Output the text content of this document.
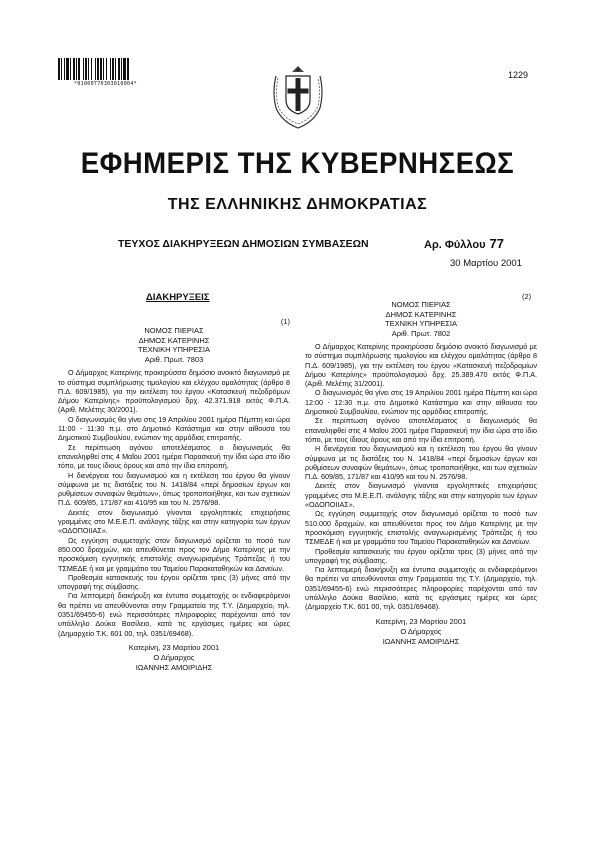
*01000770303010004*
1229
ΕΦΗΜΕΡΙΣ ΤΗΣ ΚΥΒΕΡΝΗΣΕΩΣ
ΤΗΣ ΕΛΛΗΝΙΚΗΣ ΔΗΜΟΚΡΑΤΙΑΣ
ΤΕΥΧΟΣ ΔΙΑΚΗΡΥΞΕΩΝ ΔΗΜΟΣΙΩΝ ΣΥΜΒΑΣΕΩΝ	Αρ. Φύλλου 77
30 Μαρτίου 2001
ΔΙΑΚΗΡΥΞΕΙΣ
(1)
ΝΟΜΟΣ ΠΙΕΡΙΑΣ
ΔΗΜΟΣ ΚΑΤΕΡΙΝΗΣ
ΤΕΧΝΙΚΗ ΥΠΗΡΕΣΙΑ
Αριθ. Πρωτ. 7803

Ο Δήμαρχος Κατερίνης προκηρύσσει δημόσιο ανοικτό διαγωνισμό με το σύστημα συμπλήρωσης τιμολογίου και ελέγχου ομαλότητας (άρθρο 8 Π.Δ. 609/1985), για την εκτέλεση του έργου «Κατασκευή πεζοδρόμων Δήμου Κατερίνης» προϋπολογισμού δρχ. 42.371.918 εκτός Φ.Π.Α. (Αριθ. Μελέτης 30/2001).

Ο διαγωνισμός θα γίνει στις 19 Απριλίου 2001 ημέρα Πέμπτη και ώρα 11:00 - 11:30 π.μ. στο Δημοτικό Κατάστημα και στην αίθουσα του Δημοτικού Συμβουλίου, ενώπιον της αρμόδιας επιτροπής.

Σε περίπτωση αγόνου αποτελέσματος ο διαγωνισμός θα επαναληφθεί στις 4 Μαΐου 2001 ημέρα Παρασκευή την ίδια ώρα στο ίδιο τόπο, με τους ίδιους όρους και από την ίδια επιτροπή.

Η διενέργεια του διαγωνισμού και η εκτέλεση του έργου θα γίνουν σύμφωνα με τις διατάξεις του Ν. 1418/84 «περί δημοσίων έργων και ρυθμίσεων συναφών θεμάτων», όπως τροποποιήθηκε, και των σχετικών Π.Δ. 609/85, 171/87 και 410/95 και του Ν. 2576/98.

Δεκτές στον διαγωνισμό γίνονται εργοληπτικές επιχειρήσεις γραμμένες στο Μ.Ε.Ε.Π. ανάλογης τάξης και στην κατηγορία των έργων «ΟΔΟΠΟΙΙΑΣ».

Ως εγγύηση συμμετοχής στον διαγωνισμό ορίζεται το ποσό των 850.000 δραχμών, και απευθύνεται προς τον Δήμο Κατερίνης με την προσκόμιση εγγυητικής επιστολής αναγνωρισμένης Τράπεζας ή του ΤΣΜΕΔΕ ή και με γραμμάτιο του Ταμείου Παρακαταθηκών και Δανείων.

Προθεσμία κατασκευής του έργου ορίζεται τρεις (3) μήνες από την υπογραφή της σύμβασης.

Για λεπτομερή διακήρυξη και έντυπα συμμετοχής οι ενδιαφερόμενοι θα πρέπει να απευθύνονται στην Γραμματεία της Τ.Υ. (Δημαρχείο, τηλ. 0351/69455-6) ενώ περισσότερες πληροφορίες παρέχονται από τον υπάλληλο Δούκα Βασίλειο, κατά τις εργάσιμες ημέρες και ώρες (Δημαρχείο Τ.Κ. 601 00, τηλ. 0351/69468).

Κατερίνη, 23 Μαρτίου 2001
Ο Δήμαρχος
ΙΩΑΝΝΗΣ ΑΜΟΙΡΙΔΗΣ
(2)
ΝΟΜΟΣ ΠΙΕΡΙΑΣ
ΔΗΜΟΣ ΚΑΤΕΡΙΝΗΣ
ΤΕΧΝΙΚΗ ΥΠΗΡΕΣΙΑ
Αριθ. Πρωτ. 7802

Ο Δήμαρχος Κατερίνης προκηρύσσει δημόσιο ανοικτό διαγωνισμό με το σύστημα συμπλήρωσης τιμολογίου και ελέγχου ομαλότητας (άρθρο 8 Π.Δ. 609/1985), για την εκτέλεση του έργου «Κατασκευή πεζοδρομίων Δήμου Κατερίνης» προϋπολογισμού δρχ. 25.389.470 εκτός Φ.Π.Α. (Αριθ. Μελέτης 31/2001).

Ο διαγωνισμός θα γίνει στις 19 Απριλίου 2001 ημέρα Πέμπτη και ώρα 12:00 - 12:30 π.μ. στο Δημοτικό Κατάστημα και στην αίθουσα του Δημοτικού Συμβουλίου, ενώπιον της αρμόδιας επιτροπής.

Σε περίπτωση αγόνου αποτελέσματος ο διαγωνισμός θα επαναληφθεί στις 4 Μαΐου 2001 ημέρα Παρασκευή την ίδια ώρα στο ίδιο τόπο, με τους ίδιους όρους και από την ίδια επιτροπή.

Η διενέργεια του διαγωνισμού και η εκτέλεση του έργου θα γίνουν σύμφωνα με τις διατάξεις του Ν. 1418/84 «περί δημοσίων έργων και ρυθμίσεων συναφών θεμάτων», όπως τροποποιήθηκε, και των σχετικών Π.Δ. 609/85, 171/87 και 410/95 και του Ν. 2576/98.

Δεκτές στον διαγωνισμό γίνονται εργοληπτικές επιχειρήσεις γραμμένες στο Μ.Ε.Ε.Π. ανάλογης τάξης και στην κατηγορία των έργων «ΟΔΟΠΟΙΙΑΣ».

Ως εγγύηση συμμετοχής στον διαγωνισμό ορίζεται το ποσό των 510.000 δραχμών, και απευθύνεται προς τον Δήμο Κατερίνης με την προσκόμιση εγγυητικής επιστολής αναγνωρισμένης Τράπεζας ή του ΤΣΜΕΔΕ ή και με γραμμάτιο του Ταμείου Παρακαταθηκών και Δανείων.

Προθεσμία κατασκευής του έργου ορίζεται τρεις (3) μήνες από την υπογραφή της σύμβασης.

Για λεπτομερή διακήρυξη και έντυπα συμμετοχής οι ενδιαφερόμενοι θα πρέπει να απευθύνονται στην Γραμματεία της Τ.Υ. (Δημαρχείο, τηλ. 0351/69455-6) ενώ περισσότερες πληροφορίες παρέχονται από τον υπάλληλο Δούκα Βασίλειο, κατά τις εργάσιμες ημέρες και ώρες (Δημαρχείο Τ.Κ. 601 00, τηλ. 0351/69468).

Κατερίνη, 23 Μαρτίου 2001
Ο Δήμαρχος
ΙΩΑΝΝΗΣ ΑΜΟΙΡΙΔΗΣ
